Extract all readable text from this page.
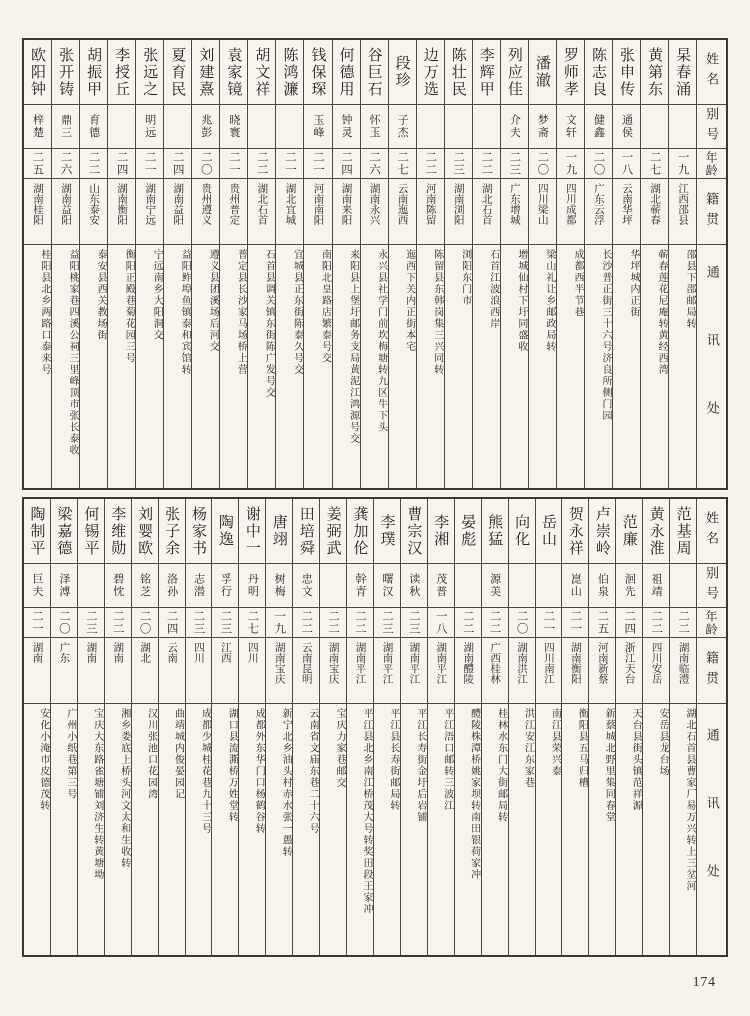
欧阳钟
梓楚
二五
湖南桂阳
桂阳县北乡两路口泰来号
张开铸
鼎三
二六
湖南益阳
益阳桃家巷四溪公祠三里峰顶市张长泰收
胡振甲
育德
二二
山东泰安
泰安县西关教场街
李授丘
二四
湖南衡阳
衡阳正殿巷菊花园三号
张远之
明远
二一
湖南宁远
宁远南乡大阳洞交
夏育民
二四
湖南益阳
益阳鲊埠鱼镇泰和宾馆转
刘建熹
兆彭
二〇
贵州遵义
遵义县团溪场后河交
袁家镜
晓寰
二一
贵州普定
普定县长沙家马场桥上营
胡文祥
二二
湖北石首
石首县调关镇东街陈广发号交
陈鸿濂
二一
湖北宜城
宜城县正东街陈泰久号交
钱保琛
玉峰
二一
河南南阳
南阳北皇路店繁泰号交
何德用
钟灵
二四
湖南来阳
来阳县上堡圩邮务支局黄泥江鸿源号交
谷巨石
怀玉
二六
湖南永兴
永兴县社学门前坎梅塘转九区牛下头
段珍
子杰
二七
云南迤西
迤西下关内正街本宅
边万选
二二
河南陈留
陈留县东韩岗集三兴同转
陈壮民
二三
湖南浏阳
浏阳东门市
李辉甲
二二
湖北石首
石首江波浪西岸
列应佳
介夫
二三
广东增城
增城仙村下圩同盛收
潘澈
梦斋
二〇
四川梁山
梁山礼让乡邮政局转
罗师孝
文轩
一九
四川成都
成都西半节巷
陈志良
健鑫
二〇
广东云浮
长沙普正街三十六号济良所侧门园
张申传
通侯
一八
云南华坪
华坪城内正街
黄第东
二七
湖北蕲春
蕲春莲花尼庵转黄经西湾
杲春涌
一九
江西邵县
邵县下邵邮局转
姓名
别号
年龄
籍贯
通讯处
陶制平
巨夫
二一
湖南
安化小淹市皮德茂转
梁嘉德
泽溥
二〇
广东
广州小纸巷第三号
何锡平
二三
湖南
宝庆大东路雀塘铺刘济生转黄塘坳
李维勋
碧忱
二二
湖南
湘乡娄底上桥头河文太和生收转
刘婴欧
铭芝
二〇
湖北
汉川张池口花园湾
张子余
洛孙
二四
云南
曲靖城内俊晏园记
杨家书
志潜
二三
四川
成都少城桂花巷九十三号
陶逸
孚行
二三
江西
湖口县流澌桥万姓堂转
谢中一
丹明
二七
四川
成都外东华门口杨鹤谷转
唐翊
树梅
一九
湖南宝庆
新宁北乡油头村赤水张一愚转
田培舜
忠文
二二
云南昆明
云南省文庙东巷二十六号
姜弼武
二二
湖南宝庆
宝庆力家巷邮交
龚加伦
幹青
二二
湖南平江
平江县北乡南江桥茂大号转奖田段王家冲
李璞
曙汉
二三
湖南平江
平江县长寿街邮局转
曹宗汉
读秋
二三
湖南平江
平江长寿街金圩后岩铺
李湘
茂普
一八
湖南平江
平江浯口邮转三波江
晏彪
二二
湖南醴陵
醴陵株潭桥姚家坝转南田银荷家冲
熊猛
源美
二二
广西桂林
桂林水东门大街邮局转
向化
二〇
湖南洪江
洪江安江东家巷
岳山
二一
四川南江
南江县荣兴泰
贺永祥
崑山
二一
湖南衡阳
衡阳县五马归槽
卢崇岭
伯泉
二五
河南新蔡
新蔡城北野里集同春堂
范廉
洄先
二四
浙江天台
天台县街头镇范祥源
黄永淮
祖靖
二二
四川安岳
安岳县龙台场
范基周
二二
湖南临澧
湖北石首县曹家厂易万兴转上三坌河
姓名
别号
年龄
籍贯
通讯处
174
